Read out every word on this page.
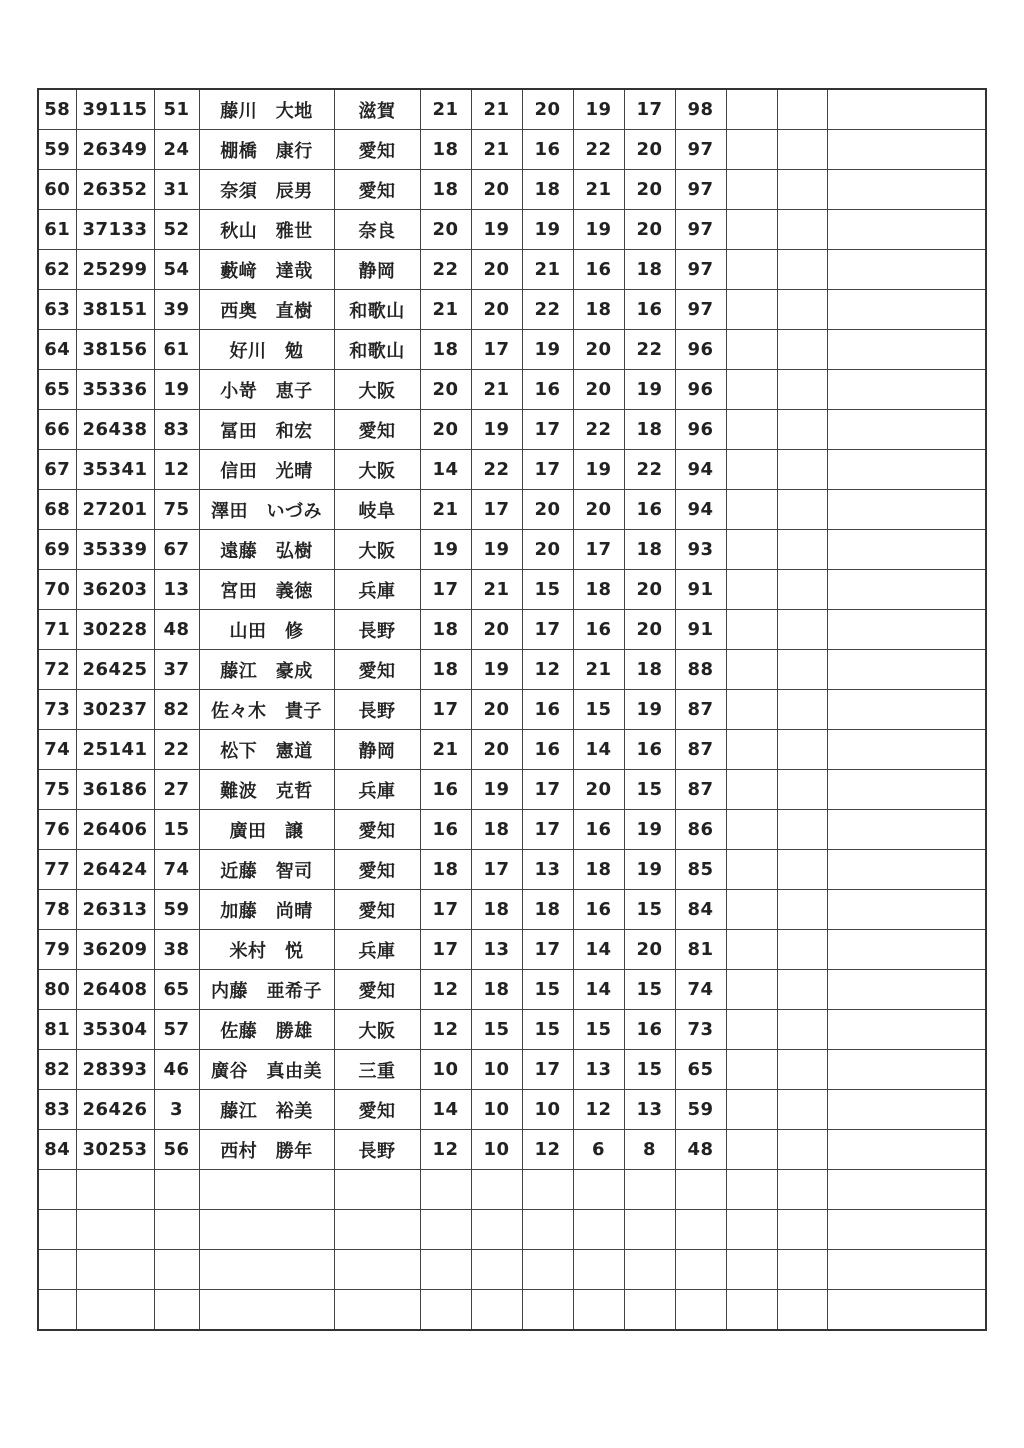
58	39115	51	藤川　大地	滋賀	21	21	20	19	17	98			
59	26349	24	棚橋　康行	愛知	18	21	16	22	20	97			
60	26352	31	奈須　辰男	愛知	18	20	18	21	20	97			
61	37133	52	秋山　雅世	奈良	20	19	19	19	20	97			
62	25299	54	藪﨑　達哉	静岡	22	20	21	16	18	97			
63	38151	39	西奥　直樹	和歌山	21	20	22	18	16	97			
64	38156	61	好川　勉	和歌山	18	17	19	20	22	96			
65	35336	19	小嵜　恵子	大阪	20	21	16	20	19	96			
66	26438	83	冨田　和宏	愛知	20	19	17	22	18	96			
67	35341	12	信田　光晴	大阪	14	22	17	19	22	94			
68	27201	75	澤田　いづみ	岐阜	21	17	20	20	16	94			
69	35339	67	遠藤　弘樹	大阪	19	19	20	17	18	93			
70	36203	13	宮田　義徳	兵庫	17	21	15	18	20	91			
71	30228	48	山田　修	長野	18	20	17	16	20	91			
72	26425	37	藤江　豪成	愛知	18	19	12	21	18	88			
73	30237	82	佐々木　貴子	長野	17	20	16	15	19	87			
74	25141	22	松下　憲道	静岡	21	20	16	14	16	87			
75	36186	27	難波　克哲	兵庫	16	19	17	20	15	87			
76	26406	15	廣田　譲	愛知	16	18	17	16	19	86			
77	26424	74	近藤　智司	愛知	18	17	13	18	19	85			
78	26313	59	加藤　尚晴	愛知	17	18	18	16	15	84			
79	36209	38	米村　悦	兵庫	17	13	17	14	20	81			
80	26408	65	内藤　亜希子	愛知	12	18	15	14	15	74			
81	35304	57	佐藤　勝雄	大阪	12	15	15	15	16	73			
82	28393	46	廣谷　真由美	三重	10	10	17	13	15	65			
83	26426	3	藤江　裕美	愛知	14	10	10	12	13	59			
84	30253	56	西村　勝年	長野	12	10	12	6	8	48			
